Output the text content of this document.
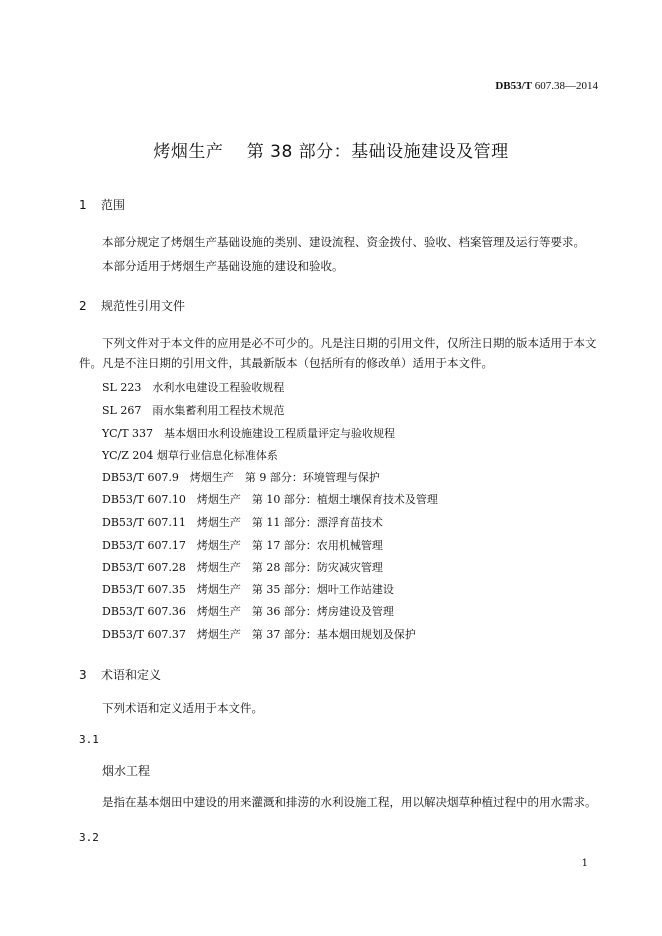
DB53/T 607.38—2014
烤烟生产　 第 38 部分：基础设施建设及管理
1 范围
本部分规定了烤烟生产基础设施的类别、建设流程、资金拨付、验收、档案管理及运行等要求。
本部分适用于烤烟生产基础设施的建设和验收。
2 规范性引用文件
下列文件对于本文件的应用是必不可少的。凡是注日期的引用文件，仅所注日期的版本适用于本文件。凡是不注日期的引用文件，其最新版本（包括所有的修改单）适用于本文件。
SL 223　水利水电建设工程验收规程
SL 267　雨水集蓄利用工程技术规范
YC/T 337　基本烟田水利设施建设工程质量评定与验收规程
YC/Z 204 烟草行业信息化标准体系
DB53/T 607.9　烤烟生产　第 9 部分：环境管理与保护
DB53/T 607.10　烤烟生产　第 10 部分：植烟土壤保育技术及管理
DB53/T 607.11　烤烟生产　第 11 部分：漂浮育苗技术
DB53/T 607.17　烤烟生产　第 17 部分：农用机械管理
DB53/T 607.28　烤烟生产　第 28 部分：防灾减灾管理
DB53/T 607.35　烤烟生产　第 35 部分：烟叶工作站建设
DB53/T 607.36　烤烟生产　第 36 部分：烤房建设及管理
DB53/T 607.37　烤烟生产　第 37 部分：基本烟田规划及保护
3 术语和定义
下列术语和定义适用于本文件。
3.1
烟水工程
是指在基本烟田中建设的用来灌溉和排涝的水利设施工程，用以解决烟草种植过程中的用水需求。
3.2
1
